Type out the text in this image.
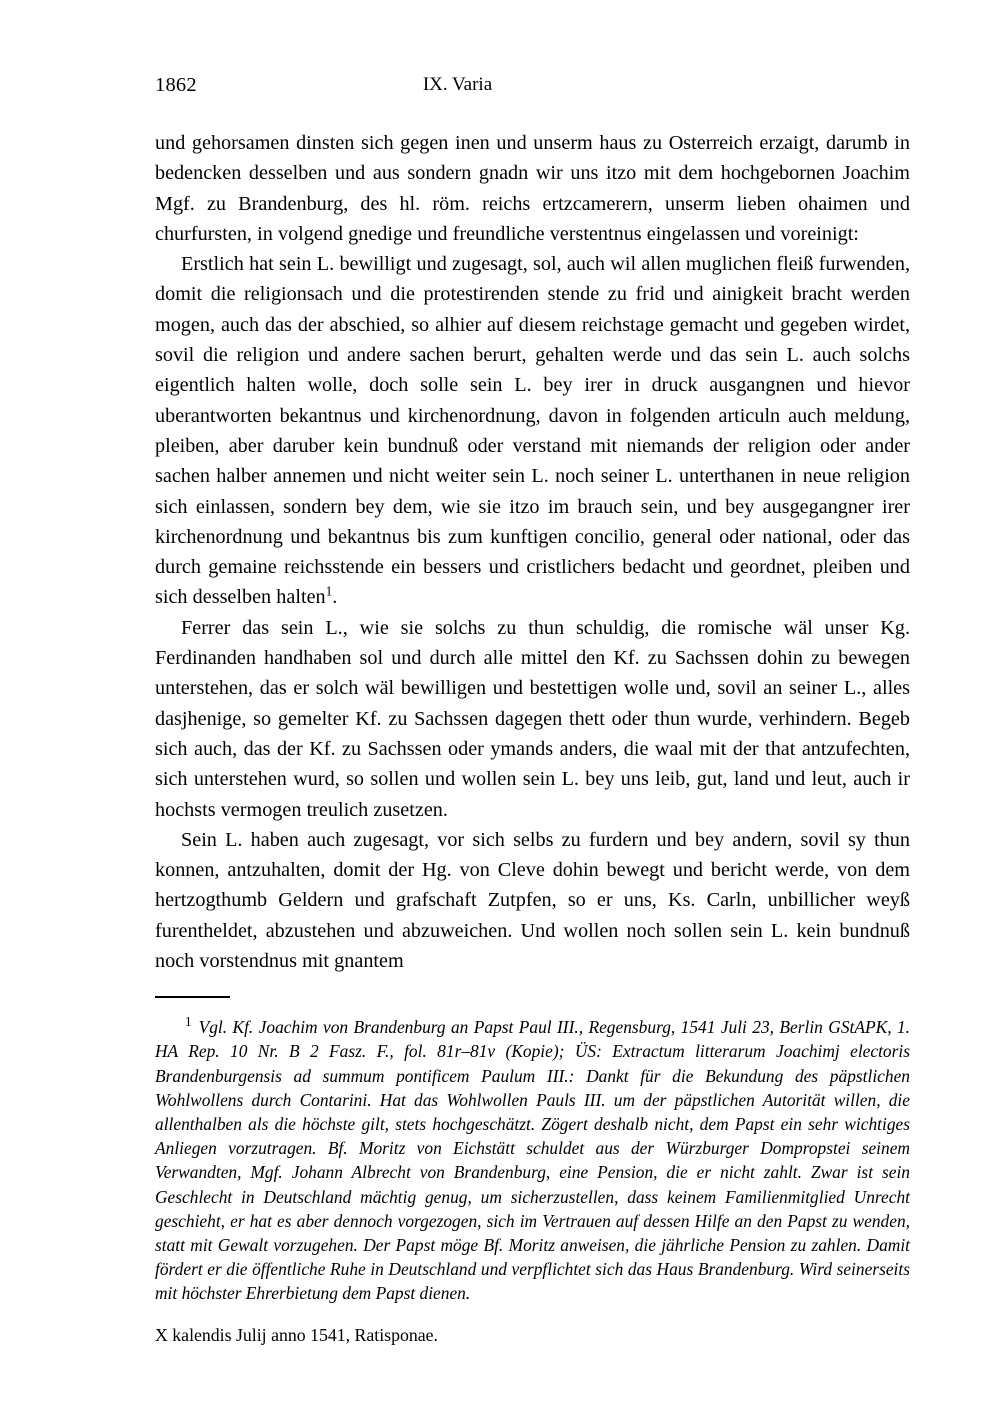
1862	IX. Varia

und gehorsamen dinsten sich gegen inen und unserm haus zu Osterreich erzaigt, darumb in bedencken desselben und aus sondern gnadn wir uns itzo mit dem hochgebornen Joachim Mgf. zu Brandenburg, des hl. röm. reichs ertzcamerern, unserm lieben ohaimen und churfursten, in volgend gnedige und freundliche verstentnus eingelassen und voreinigt:

Erstlich hat sein L. bewilligt und zugesagt, sol, auch wil allen muglichen fleiß furwenden, domit die religionsach und die protestirenden stende zu frid und ainigkeit bracht werden mogen, auch das der abschied, so alhier auf diesem reichstage gemacht und gegeben wirdet, sovil die religion und andere sachen berurt, gehalten werde und das sein L. auch solchs eigentlich halten wolle, doch solle sein L. bey irer in druck ausgangnen und hievor uberantworten bekantnus und kirchenordnung, davon in folgenden articuln auch meldung, pleiben, aber daruber kein bundnuß oder verstand mit niemands der religion oder ander sachen halber annemen und nicht weiter sein L. noch seiner L. unterthanen in neue religion sich einlassen, sondern bey dem, wie sie itzo im brauch sein, und bey ausgegangner irer kirchenordnung und bekantnus bis zum kunftigen concilio, general oder national, oder das durch gemaine reichsstende ein bessers und cristlichers bedacht und geordnet, pleiben und sich desselben halten$^1$.

Ferrer das sein L., wie sie solchs zu thun schuldig, die romische wäl unser Kg. Ferdinanden handhaben sol und durch alle mittel den Kf. zu Sachssen dohin zu bewegen unterstehen, das er solch wäl bewilligen und bestettigen wolle und, sovil an seiner L., alles dasjhenige, so gemelter Kf. zu Sachssen dagegen thett oder thun wurde, verhindern. Begeb sich auch, das der Kf. zu Sachssen oder ymands anders, die waal mit der that antzufechten, sich unterstehen wurd, so sollen und wollen sein L. bey uns leib, gut, land und leut, auch ir hochsts vermogen treulich zusetzen.

Sein L. haben auch zugesagt, vor sich selbs zu furdern und bey andern, sovil sy thun konnen, antzuhalten, domit der Hg. von Cleve dohin bewegt und bericht werde, von dem hertzogthumb Geldern und grafschaft Zutpfen, so er uns, Ks. Carln, unbillicher weyß furentheldet, abzustehen und abzuweichen. Und wollen noch sollen sein L. kein bundnuß noch vorstendnus mit gnantem

$^1$ Vgl. Kf. Joachim von Brandenburg an Papst Paul III., Regensburg, 1541 Juli 23, Berlin GStAPK, 1. HA Rep. 10 Nr. B 2 Fasz. F., fol. 81r–81v (Kopie); ÜS: Extractum litterarum Joachimj electoris Brandenburgensis ad summum pontificem Paulum III.: Dankt für die Bekundung des päpstlichen Wohlwollens durch Contarini. Hat das Wohlwollen Pauls III. um der päpstlichen Autorität willen, die allenthalben als die höchste gilt, stets hochgeschätzt. Zögert deshalb nicht, dem Papst ein sehr wichtiges Anliegen vorzutragen. Bf. Moritz von Eichstätt schuldet aus der Würzburger Dompropstei seinem Verwandten, Mgf. Johann Albrecht von Brandenburg, eine Pension, die er nicht zahlt. Zwar ist sein Geschlecht in Deutschland mächtig genug, um sicherzustellen, dass keinem Familienmitglied Unrecht geschieht, er hat es aber dennoch vorgezogen, sich im Vertrauen auf dessen Hilfe an den Papst zu wenden, statt mit Gewalt vorzugehen. Der Papst möge Bf. Moritz anweisen, die jährliche Pension zu zahlen. Damit fördert er die öffentliche Ruhe in Deutschland und verpflichtet sich das Haus Brandenburg. Wird seinerseits mit höchster Ehrerbietung dem Papst dienen.

X kalendis Julij anno 1541, Ratisponae.
